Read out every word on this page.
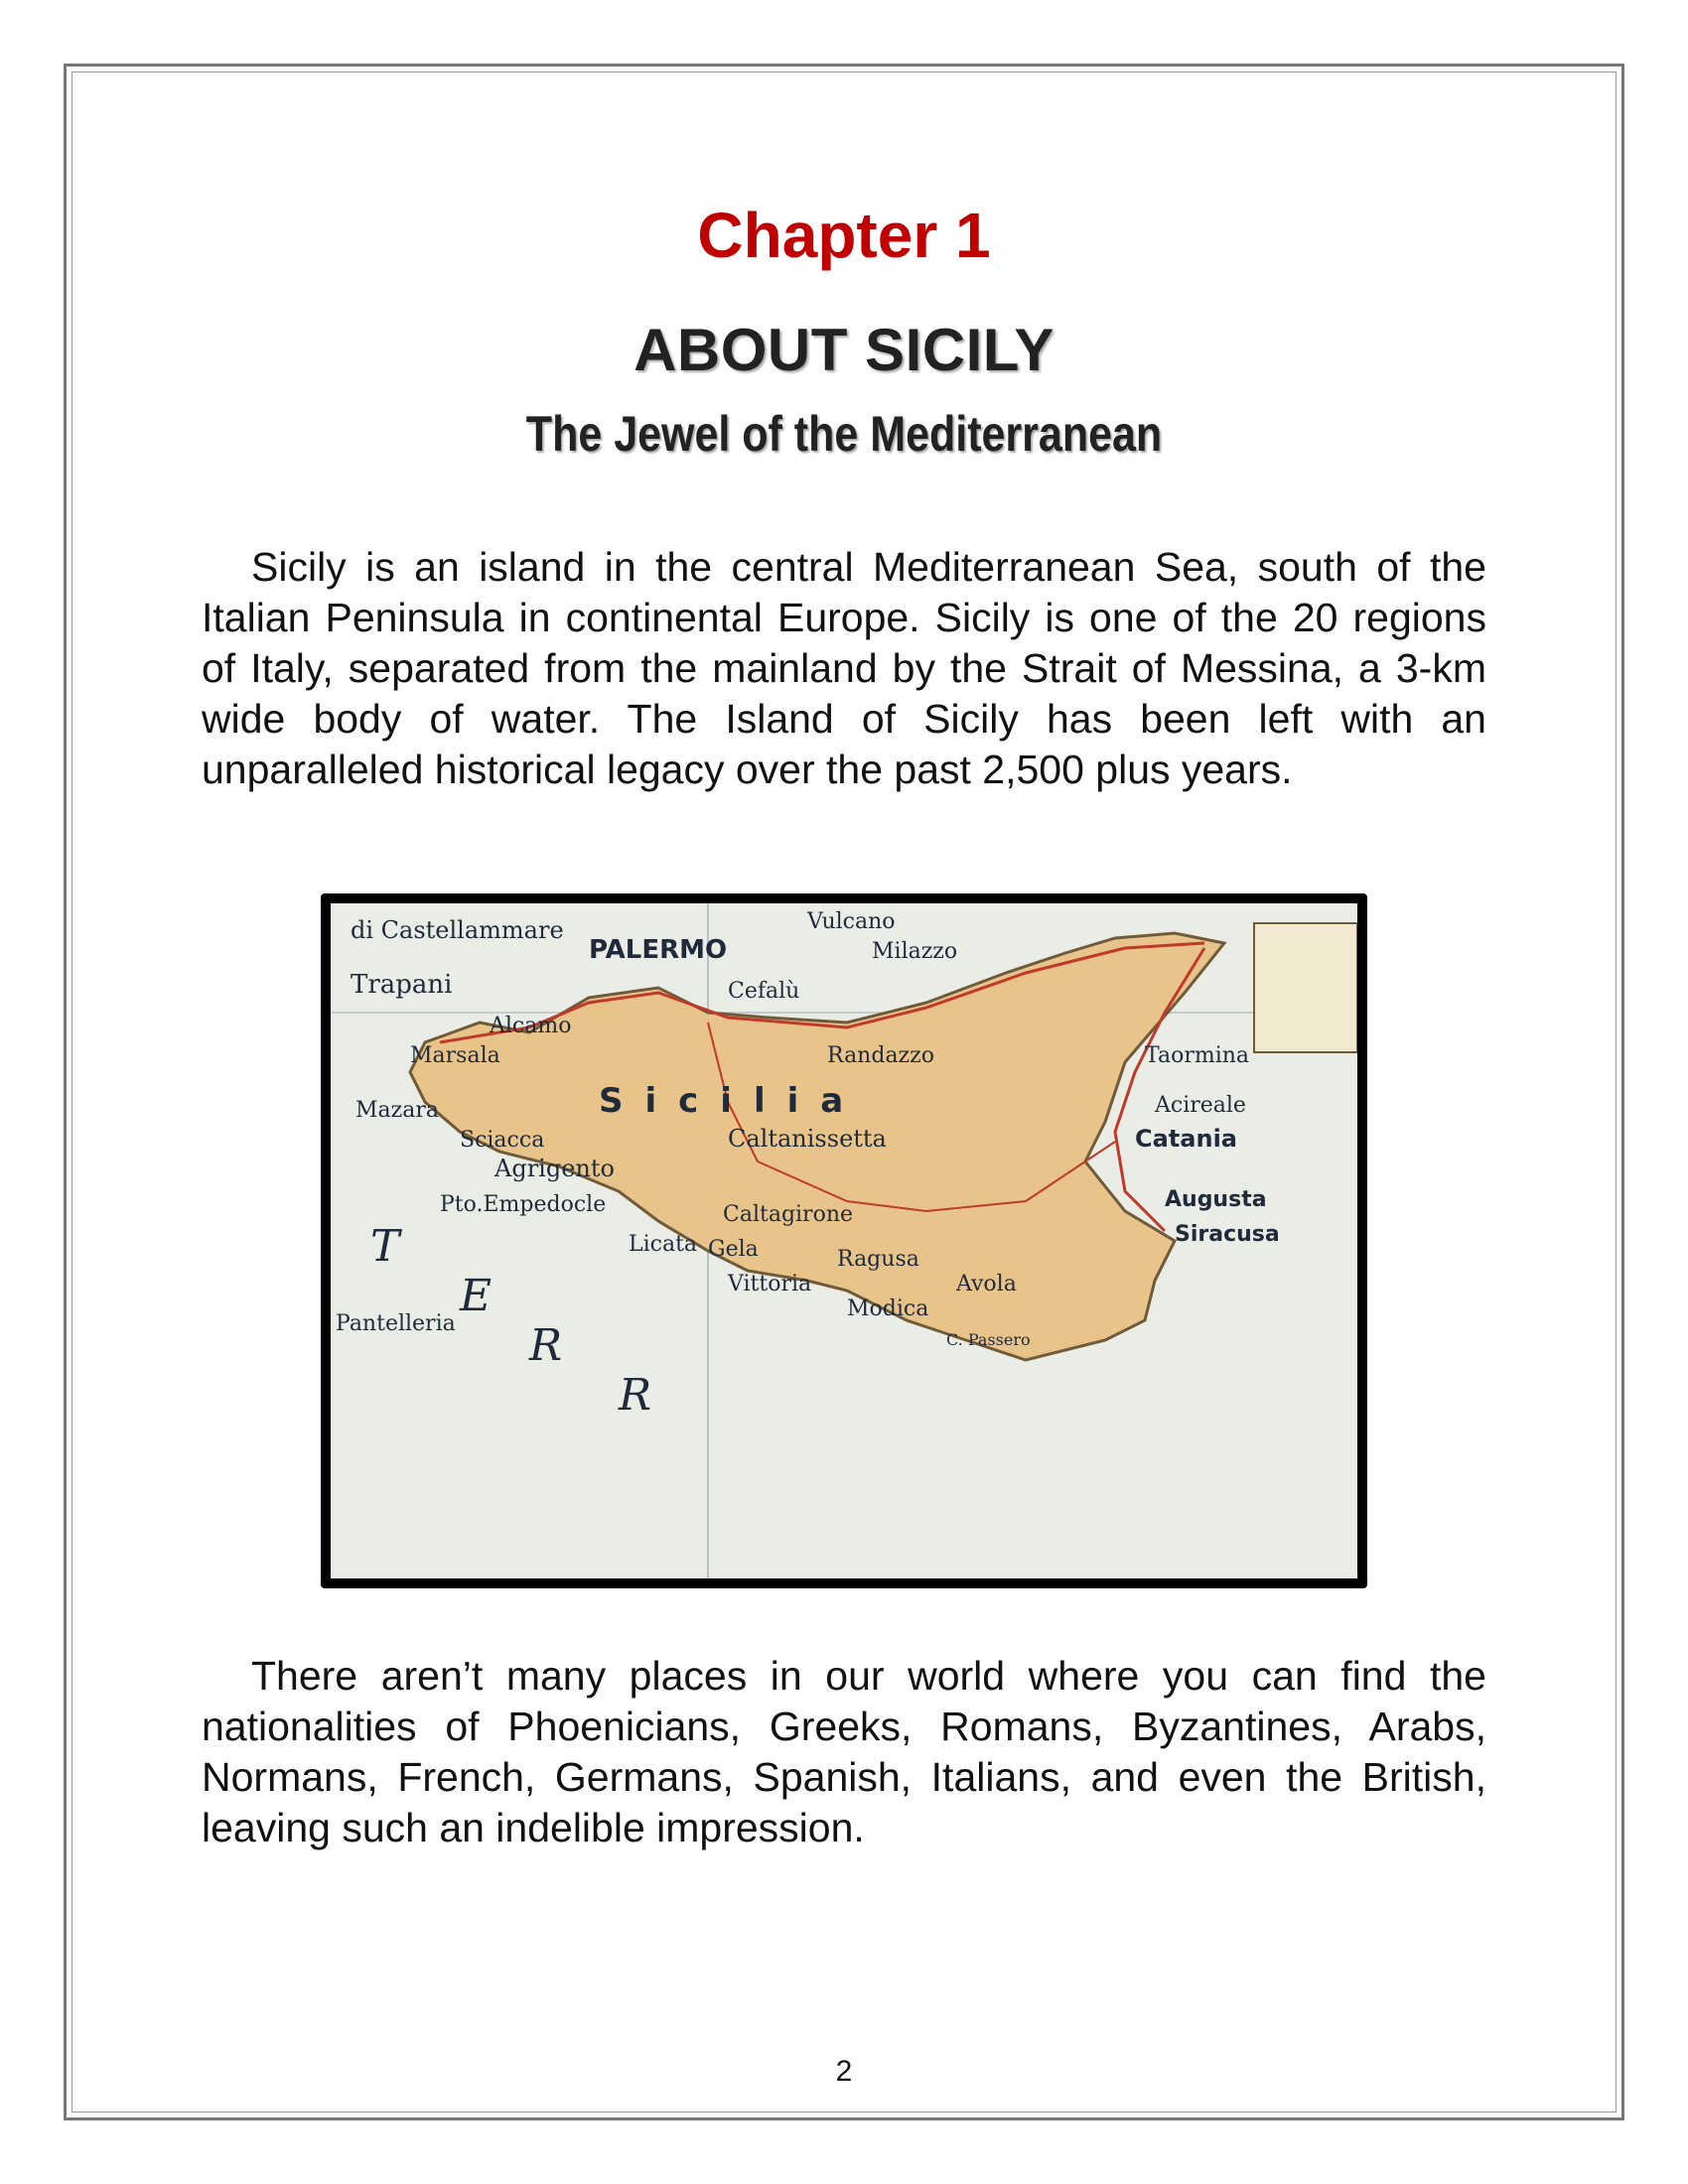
Chapter 1
ABOUT SICILY
The Jewel of the Mediterranean

Sicily is an island in the central Mediterranean Sea, south of the Italian Peninsula in continental Europe. Sicily is one of the 20 regions of Italy, separated from the mainland by the Strait of Messina, a 3-km wide body of water. The Island of Sicily has been left with an unparalleled historical legacy over the past 2,500 plus years.

di Castellammare
PALERMO
Cefalù
Vulcano
Milazzo
Trapani
Alcamo
Randazzo	Taormina
Marsala
Sicilia	Acireale
Mazara
Sciacca	Caltanissetta	Catania
Agrigento
Pto.Empedocle	Caltagirone
Augusta
Siracusa
Licata Gela	Ragusa
Vittoria	Avola
Modica
Pantelleria
C. Passero
T
E
R
R

There aren’t many places in our world where you can find the nationalities of Phoenicians, Greeks, Romans, Byzantines, Arabs, Normans, French, Germans, Spanish, Italians, and even the British, leaving such an indelible impression.

2
